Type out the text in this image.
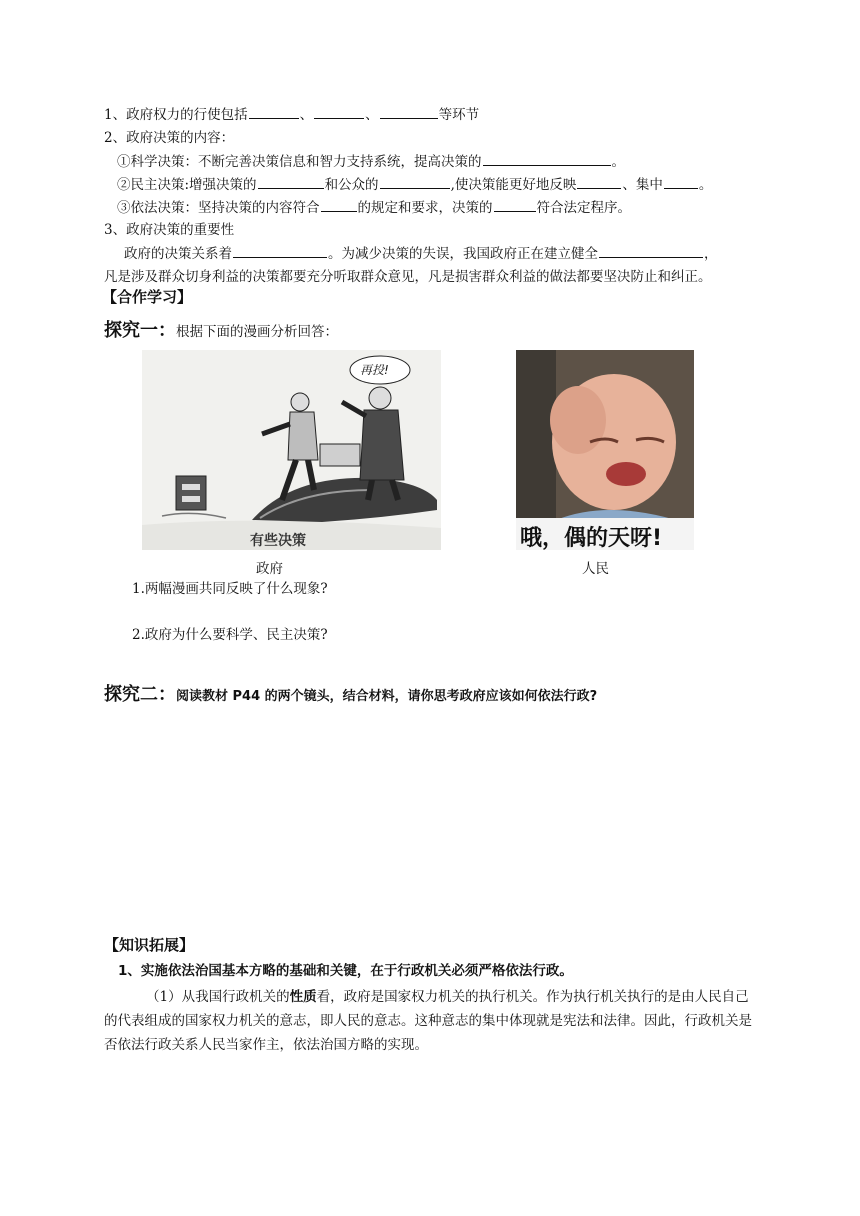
1、政府权力的行使包括	、	、	等环节
2、政府决策的内容：
①科学决策：不断完善决策信息和智力支持系统，提高决策的	。
②民主决策:增强决策的	和公众的	,使决策能更好地反映	、集中	。
③依法决策：坚持决策的内容符合	的规定和要求，决策的	符合法定程序。
3、政府决策的重要性
政府的决策关系着	。为减少决策的失误，我国政府正在建立健全	，
凡是涉及群众切身利益的决策都要充分听取群众意见，凡是损害群众利益的做法都要坚决防止和纠正。
【合作学习】
探究一：根据下面的漫画分析回答：
再投!
有些决策	哦，偶的天呀!
政府	人民
1.两幅漫画共同反映了什么现象?
2.政府为什么要科学、民主决策?
探究二：阅读教材 P44 的两个镜头，结合材料，请你思考政府应该如何依法行政?
【知识拓展】
1、实施依法治国基本方略的基础和关键，在于行政机关必须严格依法行政。
（1）从我国行政机关的性质看，政府是国家权力机关的执行机关。作为执行机关执行的是由人民自己的代表组成的国家权力机关的意志，即人民的意志。这种意志的集中体现就是宪法和法律。因此，行政机关是否依法行政关系人民当家作主，依法治国方略的实现。
